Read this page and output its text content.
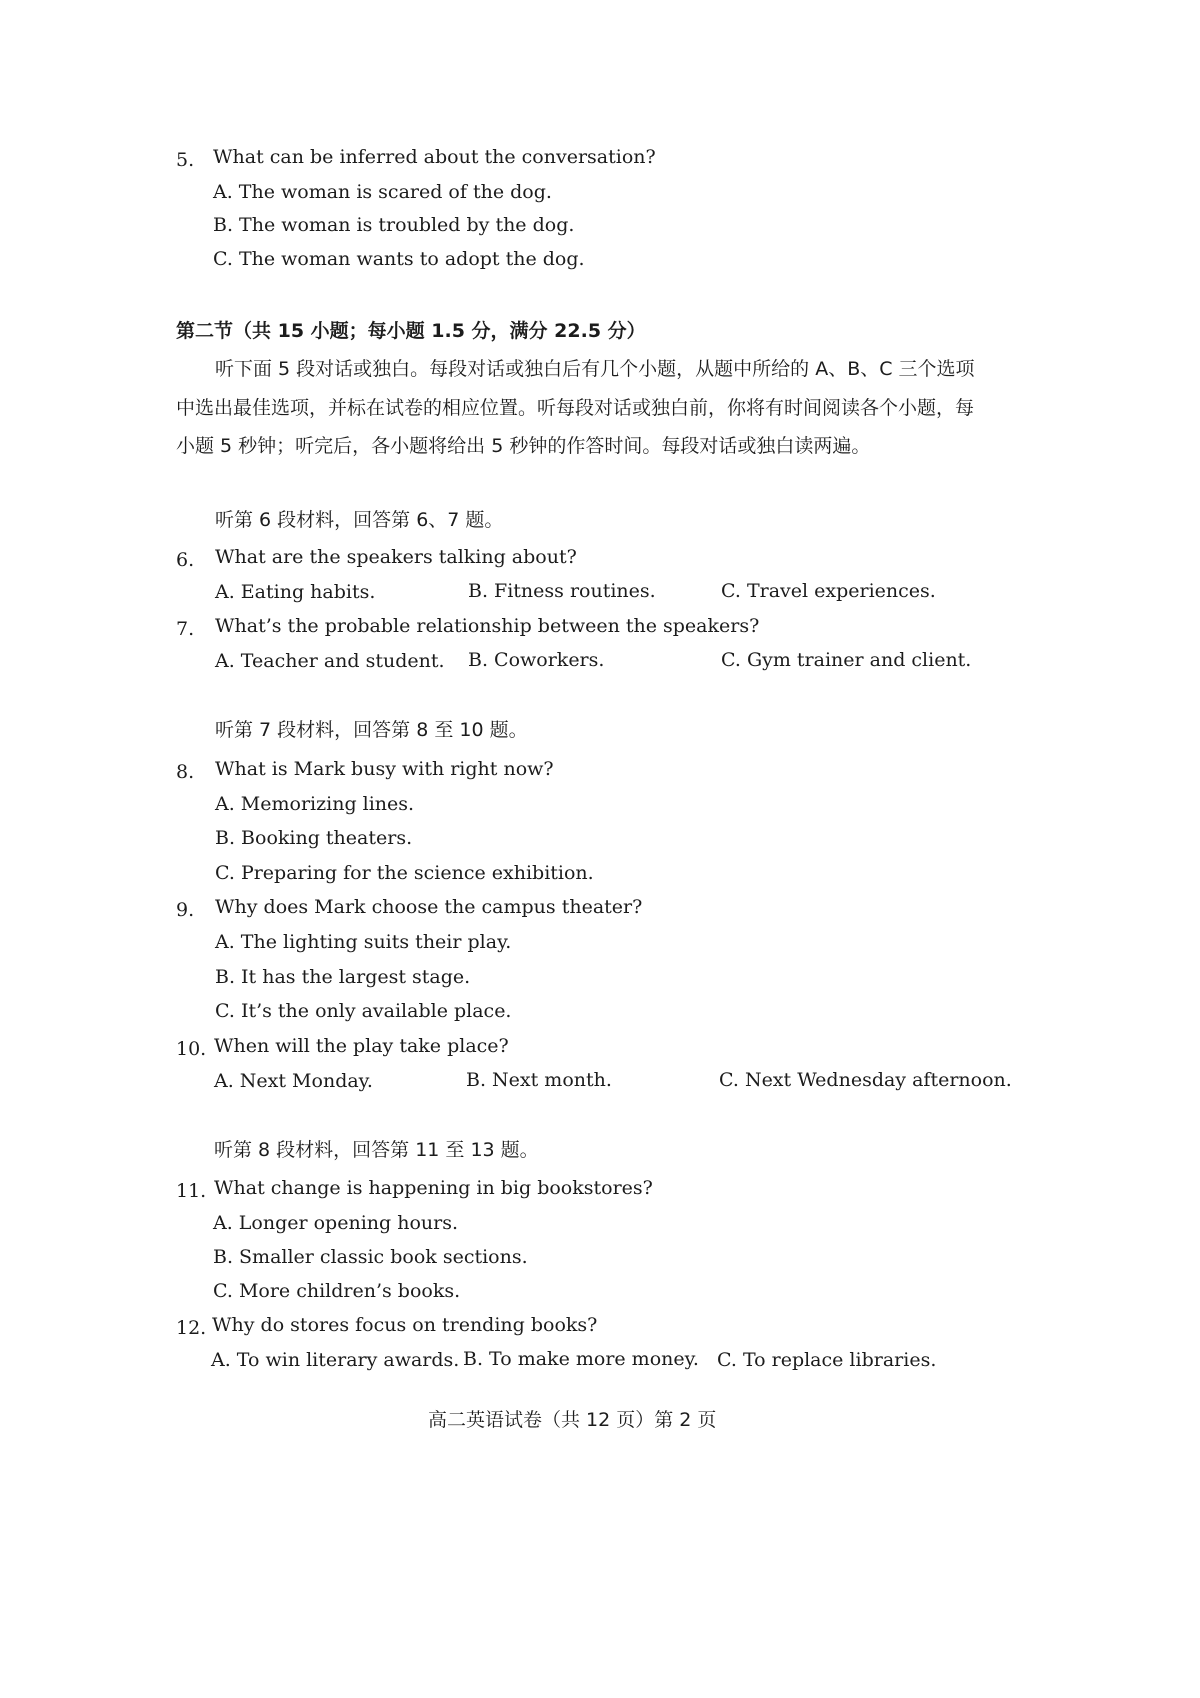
5. What can be inferred about the conversation?
A. The woman is scared of the dog.
B. The woman is troubled by the dog.
C. The woman wants to adopt the dog.
第二节（共 15 小题；每小题 1.5 分，满分 22.5 分）
听下面 5 段对话或独白。每段对话或独白后有几个小题，从题中所给的 A、B、C 三个选项
中选出最佳选项，并标在试卷的相应位置。听每段对话或独白前，你将有时间阅读各个小题，每
小题 5 秒钟；听完后，各小题将给出 5 秒钟的作答时间。每段对话或独白读两遍。
听第 6 段材料，回答第 6、7 题。
6. What are the speakers talking about?
A. Eating habits.	B. Fitness routines.	C. Travel experiences.
7. What’s the probable relationship between the speakers?
A. Teacher and student. B. Coworkers.	C. Gym trainer and client.
听第 7 段材料，回答第 8 至 10 题。
8. What is Mark busy with right now?
A. Memorizing lines.
B. Booking theaters.
C. Preparing for the science exhibition.
9. Why does Mark choose the campus theater?
A. The lighting suits their play.
B. It has the largest stage.
C. It’s the only available place.
10. When will the play take place?
A. Next Monday.	B. Next month.	C. Next Wednesday afternoon.
听第 8 段材料，回答第 11 至 13 题。
11. What change is happening in big bookstores?
A. Longer opening hours.
B. Smaller classic book sections.
C. More children’s books.
12. Why do stores focus on trending books?
A. To win literary awards. B. To make more money. C. To replace libraries.
高二英语试卷（共 12 页）第 2 页
